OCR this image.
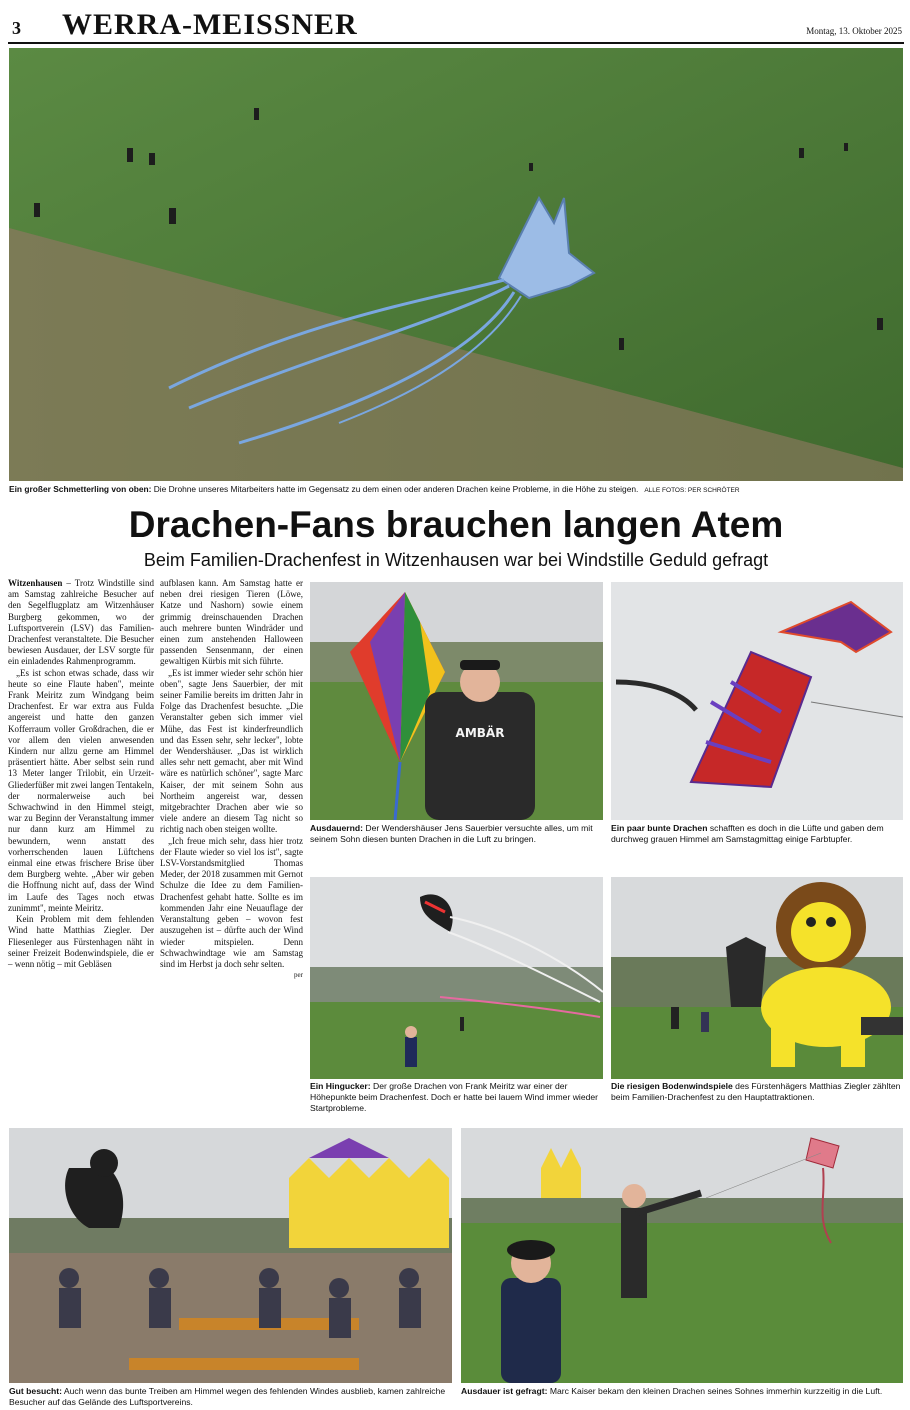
3 WERRA-MEISSNER	Montag, 13. Oktober 2025
Ein großer Schmetterling von oben: Die Drohne unseres Mitarbeiters hatte im Gegensatz zu dem einen oder anderen Drachen keine Probleme, in die Höhe zu steigen. ALLE FOTOS: PER SCHRÖTER
Drachen-Fans brauchen langen Atem
Beim Familien-Drachenfest in Witzenhausen war bei Windstille Geduld gefragt

Witzenhausen – Trotz Windstille sind am Samstag zahlreiche Besucher auf den Segelflugplatz am Witzenhäuser Burgberg gekommen, wo der Luftsportverein (LSV) das Familien-Drachenfest veranstaltete. Die Besucher bewiesen Ausdauer, der LSV sorgte für ein einladendes Rahmenprogramm.

„Es ist schon etwas schade, dass wir heute so eine Flaute haben", meinte Frank Meiritz zum Windgang beim Drachenfest. Er war extra aus Fulda angereist und hatte den ganzen Kofferraum voller Großdrachen, die er vor allem den vielen anwesenden Kindern nur allzu gerne am Himmel präsentiert hätte. Aber selbst sein rund 13 Meter langer Trilobit, ein Urzeit-Gliederfüßer mit zwei langen Tentakeln, der normalerweise auch bei Schwachwind in den Himmel steigt, war zu Beginn der Veranstaltung immer nur dann kurz am Himmel zu bewundern, wenn anstatt des vorherrschenden lauen Lüftchens einmal eine etwas frischere Brise über dem Burgberg wehte. „Aber wir geben die Hoffnung nicht auf, dass der Wind im Laufe des Tages noch etwas zunimmt", meinte Meiritz.

Kein Problem mit dem fehlenden Wind hatte Matthias Ziegler. Der Fliesenleger aus Fürstenhagen näht in seiner Freizeit Bodenwindspiele, die er – wenn nötig – mit Gebläsen

aufblasen kann. Am Samstag hatte er neben drei riesigen Tieren (Löwe, Katze und Nashorn) sowie einem grimmig dreinschauenden Drachen auch mehrere bunten Windräder und einen zum anstehenden Halloween passenden Sensenmann, der einen gewaltigen Kürbis mit sich führte.

„Es ist immer wieder sehr schön hier oben", sagte Jens Sauerbier, der mit seiner Familie bereits im dritten Jahr in Folge das Drachenfest besuchte. „Die Veranstalter geben sich immer viel Mühe, das Fest ist kinderfreundlich und das Essen sehr, sehr lecker", lobte der Wendershäuser. „Das ist wirklich alles sehr nett gemacht, aber mit Wind wäre es natürlich schöner", sagte Marc Kaiser, der mit seinem Sohn aus Northeim angereist war, dessen mitgebrachter Drachen aber wie so viele andere an diesem Tag nicht so richtig nach oben steigen wollte.

„Ich freue mich sehr, dass hier trotz der Flaute wieder so viel los ist", sagte LSV-Vorstandsmitglied Thomas Meder, der 2018 zusammen mit Gernot Schulze die Idee zu dem Familien-Drachenfest gehabt hatte. Sollte es im kommenden Jahr eine Neuauflage der Veranstaltung geben – wovon fest auszugehen ist – dürfte auch der Wind wieder mitspielen. Denn Schwachwindtage wie am Samstag sind im Herbst ja doch sehr selten.

per
AMBÄR
Ausdauernd: Der Wendershäuser Jens Sauerbier versuchte alles, um mit seinem Sohn diesen bunten Drachen in die Luft zu bringen.
Ein paar bunte Drachen schafften es doch in die Lüfte und gaben dem durchweg grauen Himmel am Samstagmittag einige Farbtupfer.
Ein Hingucker: Der große Drachen von Frank Meiritz war einer der Höhepunkte beim Drachenfest. Doch er hatte bei lauem Wind immer wieder Startprobleme.
Die riesigen Bodenwindspiele des Fürstenhägers Matthias Ziegler zählten beim Familien-Drachenfest zu den Hauptattraktionen.
Gut besucht: Auch wenn das bunte Treiben am Himmel wegen des fehlenden Windes ausblieb, kamen zahlreiche Besucher auf das Gelände des Luftsportvereins.
Ausdauer ist gefragt: Marc Kaiser bekam den kleinen Drachen seines Sohnes immerhin kurzzeitig in die Luft.
